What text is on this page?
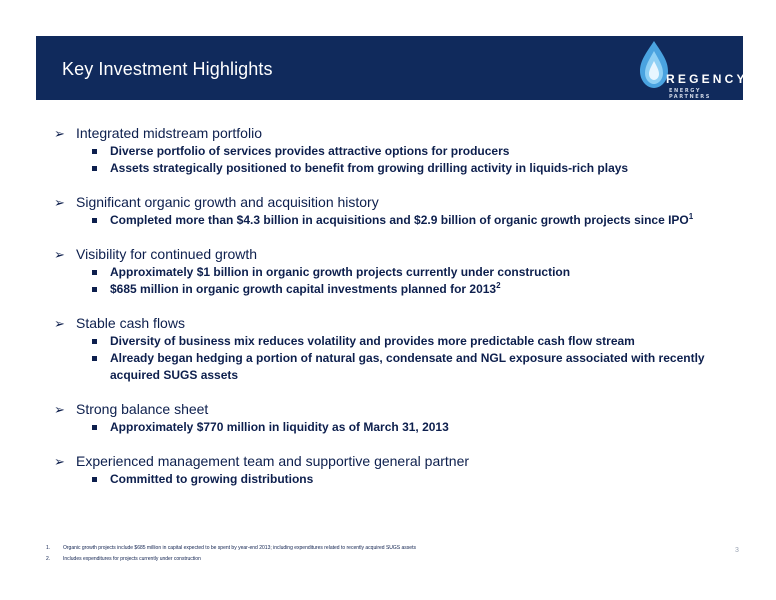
Key Investment Highlights	REGENCY
ENERGY PARTNERS
➢ Integrated midstream portfolio
Diverse portfolio of services provides attractive options for producers
Assets strategically positioned to benefit from growing drilling activity in liquids-rich plays
➢ Significant organic growth and acquisition history
Completed more than $4.3 billion in acquisitions and $2.9 billion of organic growth projects since IPO$^1$
➢ Visibility for continued growth
Approximately $1 billion in organic growth projects currently under construction
$685 million in organic growth capital investments planned for 2013$^2$
➢ Stable cash flows
Diversity of business mix reduces volatility and provides more predictable cash flow stream
Already began hedging a portion of natural gas, condensate and NGL exposure associated with recently acquired SUGS assets
➢ Strong balance sheet
Approximately $770 million in liquidity as of March 31, 2013
➢ Experienced management team and supportive general partner
Committed to growing distributions
1.	Organic growth projects include $685 million in capital expected to be spent by year-end 2013; including expenditures related to recently acquired SUGS assets
2.	Includes expenditures for projects currently under construction
3
